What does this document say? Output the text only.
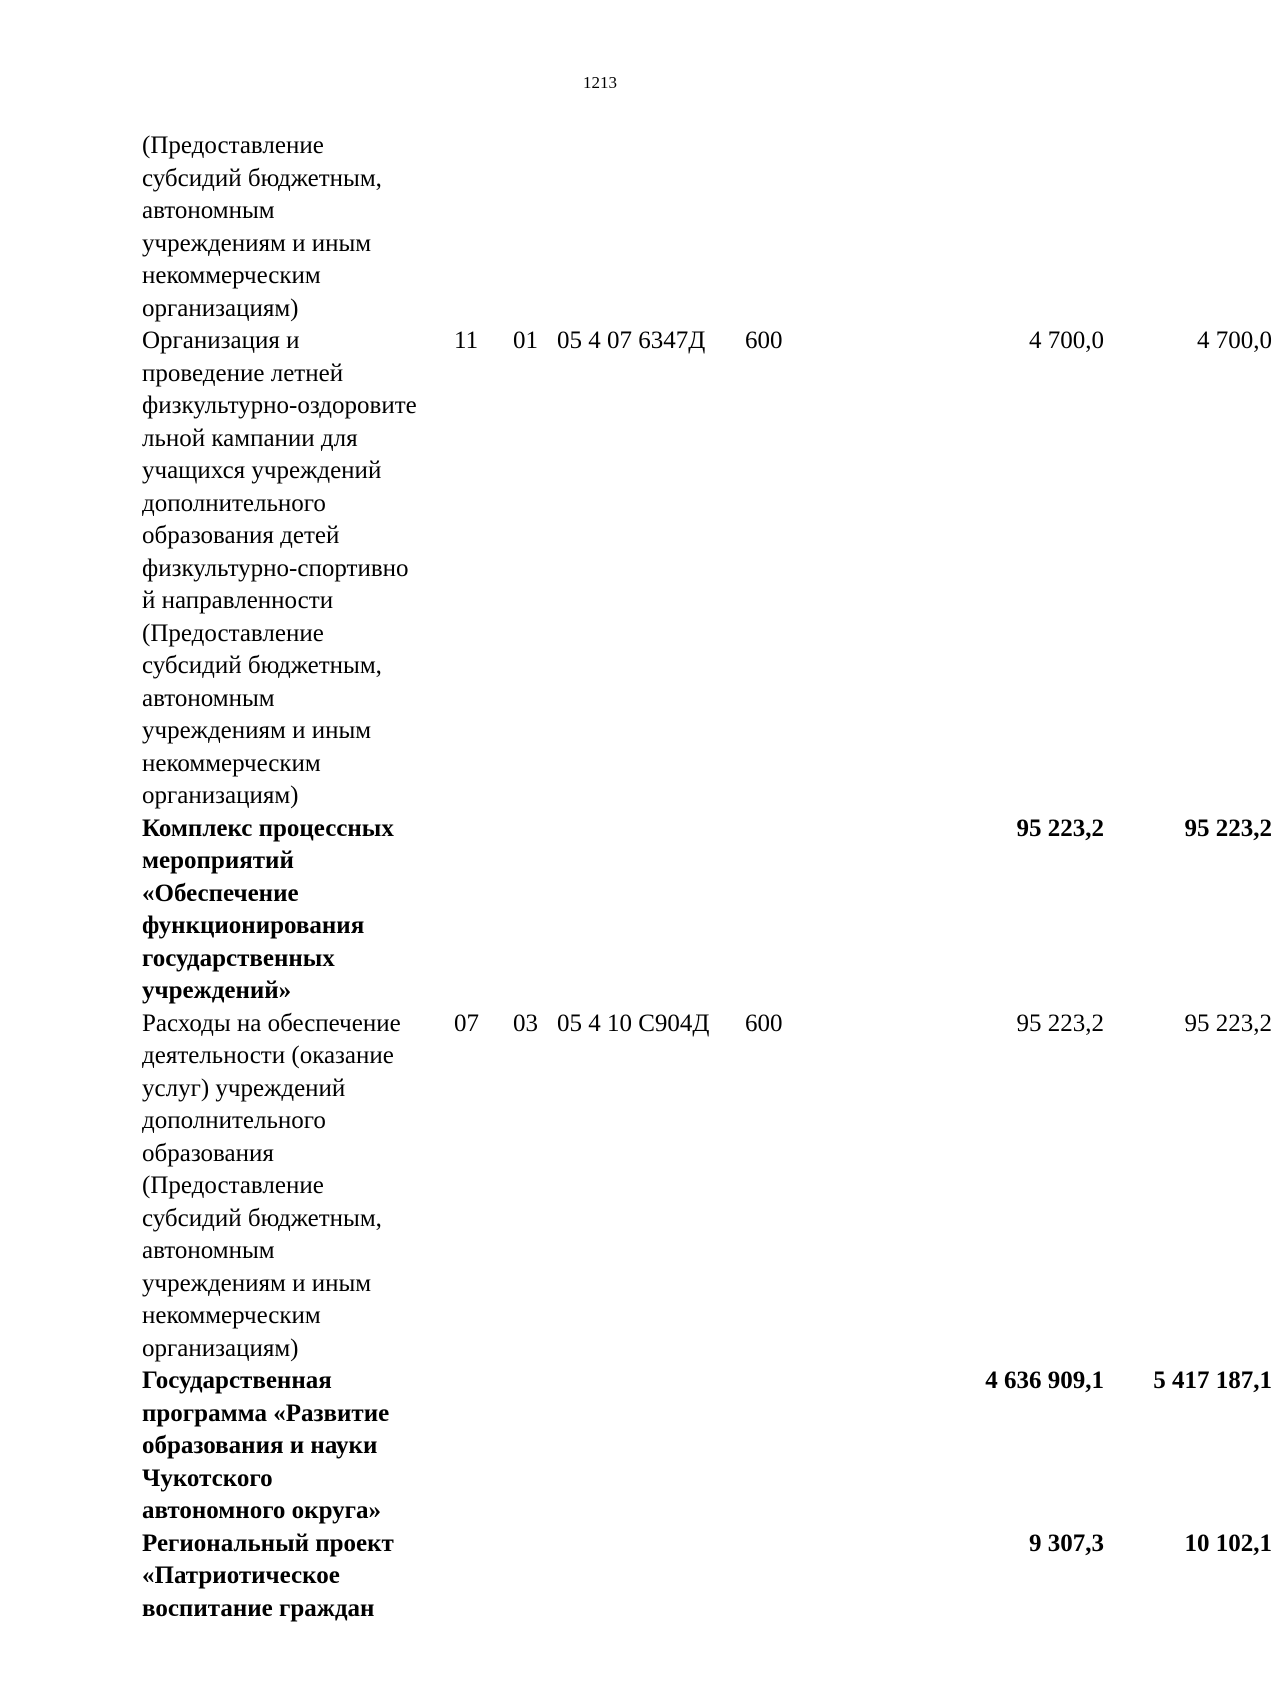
1213
(Предоставление
субсидий бюджетным,
автономным
учреждениям и иным
некоммерческим
организациям)
Организация и
проведение летней
физкультурно-оздоровите
льной кампании для
учащихся учреждений
дополнительного
образования детей
физкультурно-спортивно
й направленности
(Предоставление
субсидий бюджетным,
автономным
учреждениям и иным
некоммерческим
организациям)
11 01 05 4 07 6347Д 600	4 700,0	4 700,0
Комплекс процессных
мероприятий
«Обеспечение
функционирования
государственных
учреждений»
95 223,2	95 223,2
Расходы на обеспечение
деятельности (оказание
услуг) учреждений
дополнительного
образования
(Предоставление
субсидий бюджетным,
автономным
учреждениям и иным
некоммерческим
организациям)
07 03 05 4 10 С904Д 600	95 223,2	95 223,2
Государственная
программа «Развитие
образования и науки
Чукотского
автономного округа»
4 636 909,1	5 417 187,1
Региональный проект
«Патриотическое
воспитание граждан
9 307,3	10 102,1
